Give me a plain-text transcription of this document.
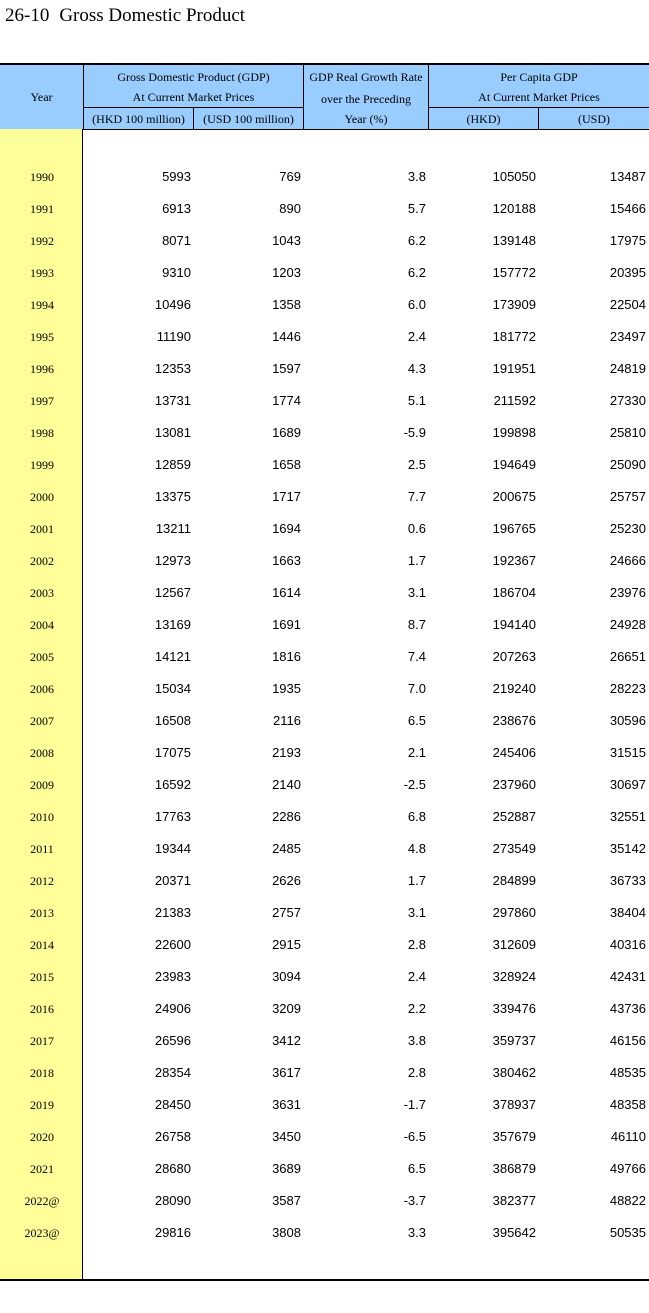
26-10 Gross Domestic Product
Year
Gross Domestic Product (GDP)
At Current Market Prices
(HKD 100 million)	(USD 100 million)
GDP Real Growth Rate
over the Preceding
Year (%)
Per Capita GDP
At Current Market Prices
(HKD)	(USD)
1990	5993	769	3.8	105050	13487
1991	6913	890	5.7	120188	15466
1992	8071	1043	6.2	139148	17975
1993	9310	1203	6.2	157772	20395
1994	10496	1358	6.0	173909	22504
1995	11190	1446	2.4	181772	23497
1996	12353	1597	4.3	191951	24819
1997	13731	1774	5.1	211592	27330
1998	13081	1689	-5.9	199898	25810
1999	12859	1658	2.5	194649	25090
2000	13375	1717	7.7	200675	25757
2001	13211	1694	0.6	196765	25230
2002	12973	1663	1.7	192367	24666
2003	12567	1614	3.1	186704	23976
2004	13169	1691	8.7	194140	24928
2005	14121	1816	7.4	207263	26651
2006	15034	1935	7.0	219240	28223
2007	16508	2116	6.5	238676	30596
2008	17075	2193	2.1	245406	31515
2009	16592	2140	-2.5	237960	30697
2010	17763	2286	6.8	252887	32551
2011	19344	2485	4.8	273549	35142
2012	20371	2626	1.7	284899	36733
2013	21383	2757	3.1	297860	38404
2014	22600	2915	2.8	312609	40316
2015	23983	3094	2.4	328924	42431
2016	24906	3209	2.2	339476	43736
2017	26596	3412	3.8	359737	46156
2018	28354	3617	2.8	380462	48535
2019	28450	3631	-1.7	378937	48358
2020	26758	3450	-6.5	357679	46110
2021	28680	3689	6.5	386879	49766
2022@	28090	3587	-3.7	382377	48822
2023@	29816	3808	3.3	395642	50535
